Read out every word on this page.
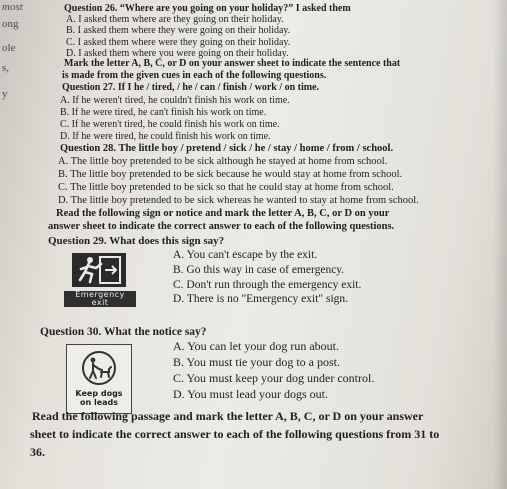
most
ong
ole
s,
y
Question 26. “Where are you going on your holiday?” I asked them
A. I asked them where are they going on their holiday.
B. I asked them where they were going on their holiday.
C. I asked them where were they going on their holiday.
D. I asked them where you were going on their holiday.
Mark the letter A, B, C, or D on your answer sheet to indicate the sentence that
is made from the given cues in each of the following questions.
Question 27. If I he / tired, / he / can / finish / work / on time.
A. If he weren't tired, he couldn't finish his work on time.
B. If he were tired, he can't finish his work on time.
C. If he weren't tired, he could finish his work on time.
D. If he were tired, he could finish his work on time.
Question 28. The little boy / pretend / sick / he / stay / home / from / school.
A. The little boy pretended to be sick although he stayed at home from school.
B. The little boy pretended to be sick because he would stay at home from school.
C. The little boy pretended to be sick so that he could stay at home from school.
D. The little boy pretended to be sick whereas he wanted to stay at home from school.
Read the following sign or notice and mark the letter A, B, C, or D on your
answer sheet to indicate the correct answer to each of the following questions.
Question 29. What does this sign say?
Emergency
exit
A. You can't escape by the exit.
B. Go this way in case of emergency.
C. Don't run through the emergency exit.
D. There is no "Emergency exit" sign.
Question 30. What the notice say?
Keep dogs
on leads
A. You can let your dog run about.
B. You must tie your dog to a post.
C. You must keep your dog under control.
D. You must lead your dogs out.
Read the following passage and mark the letter A, B, C, or D on your answer
sheet to indicate the correct answer to each of the following questions from 31 to
36.
